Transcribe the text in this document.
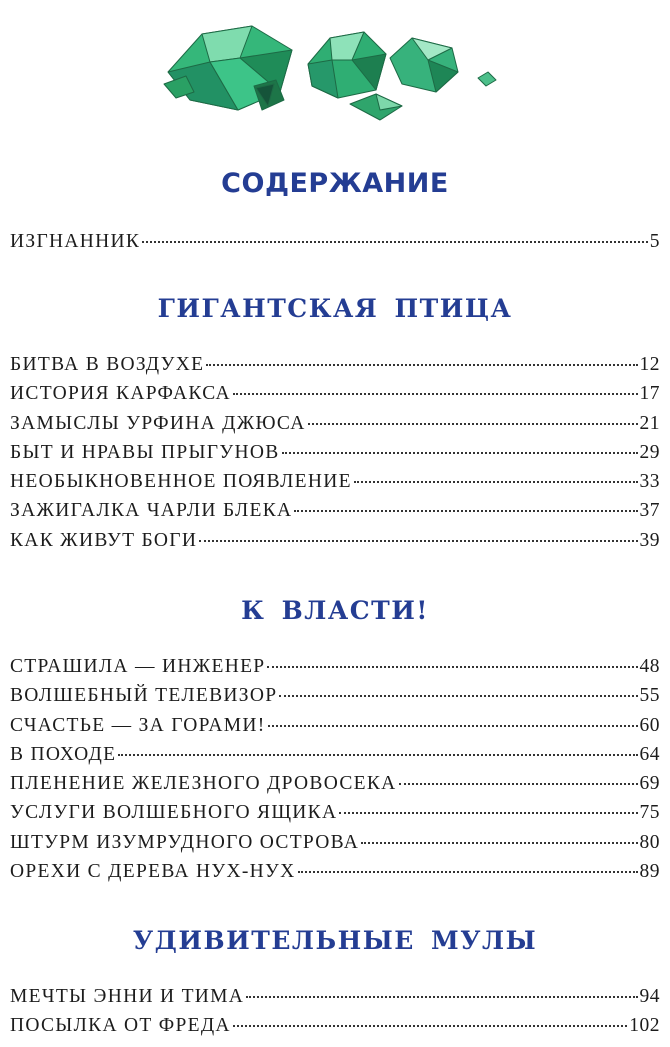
СОДЕРЖАНИЕ
ИЗГНАННИК	5
ГИГАНТСКАЯ ПТИЦА
БИТВА В ВОЗДУХЕ	12
ИСТОРИЯ КАРФАКСА	17
ЗАМЫСЛЫ УРФИНА ДЖЮСА	21
БЫТ И НРАВЫ ПРЫГУНОВ	29
НЕОБЫКНОВЕННОЕ ПОЯВЛЕНИЕ	33
ЗАЖИГАЛКА ЧАРЛИ БЛЕКА	37
КАК ЖИВУТ БОГИ	39
К ВЛАСТИ!
СТРАШИЛА — ИНЖЕНЕР	48
ВОЛШЕБНЫЙ ТЕЛЕВИЗОР	55
СЧАСТЬЕ — ЗА ГОРАМИ!	60
В ПОХОДЕ	64
ПЛЕНЕНИЕ ЖЕЛЕЗНОГО ДРОВОСЕКА	69
УСЛУГИ ВОЛШЕБНОГО ЯЩИКА	75
ШТУРМ ИЗУМРУДНОГО ОСТРОВА	80
ОРЕХИ С ДЕРЕВА НУХ-НУХ	89
УДИВИТЕЛЬНЫЕ МУЛЫ
МЕЧТЫ ЭННИ И ТИМА	94
ПОСЫЛКА ОТ ФРЕДА	102
